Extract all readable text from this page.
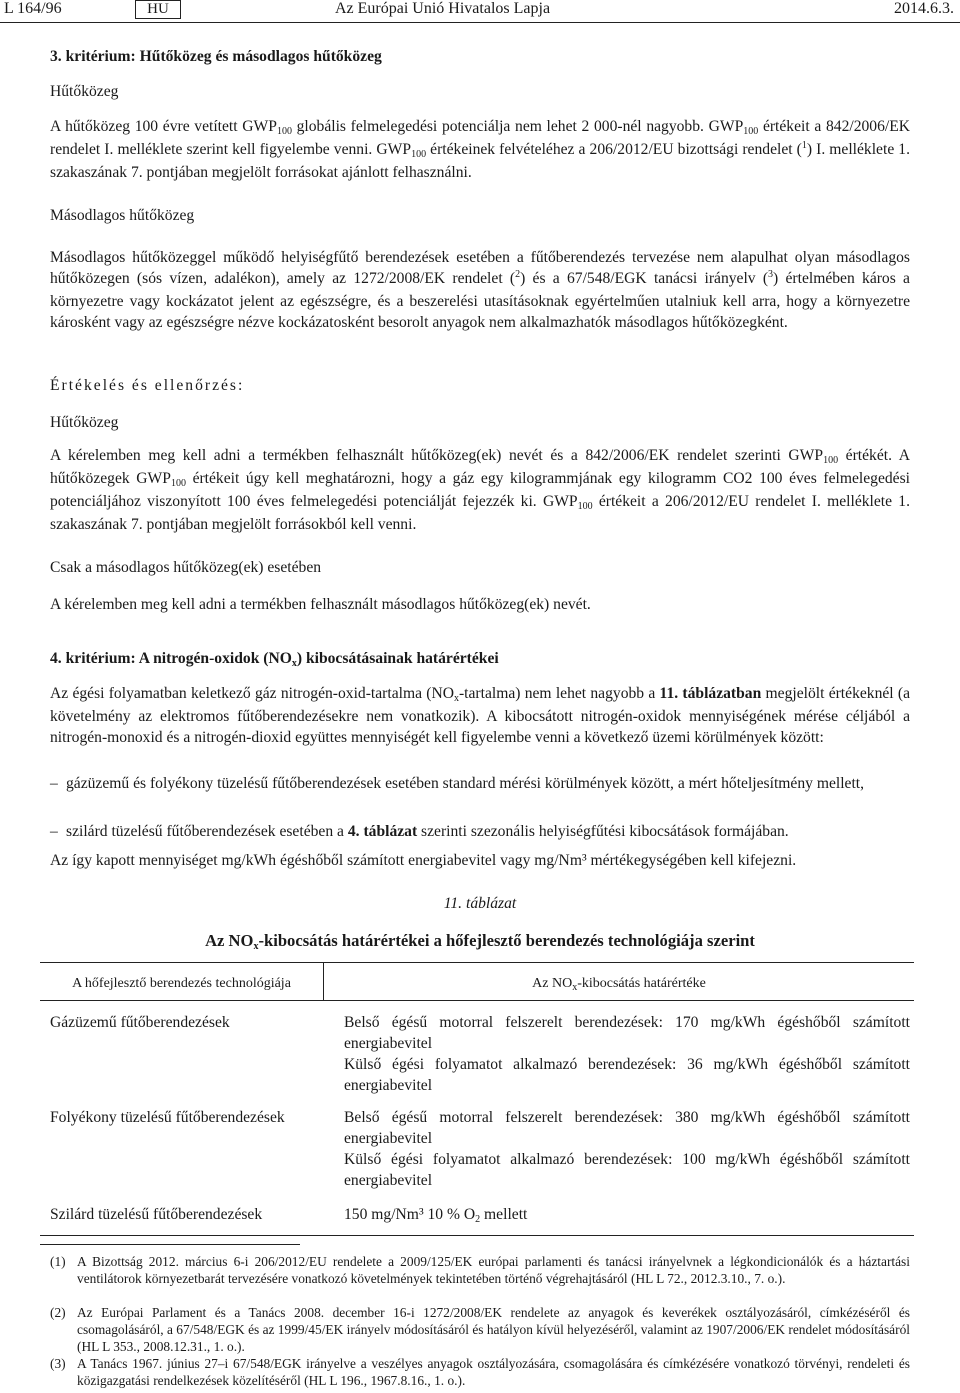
L 164/96	HU	Az Európai Unió Hivatalos Lapja	2014.6.3.

3. kritérium: Hűtőközeg és másodlagos hűtőközeg

Hűtőközeg

A hűtőközeg 100 évre vetített GWP100 globális felmelegedési potenciálja nem lehet 2 000-nél nagyobb. GWP100 értékeit a 842/2006/EK rendelet I. melléklete szerint kell figyelembe venni. GWP100 értékeinek felvételéhez a 206/2012/EU bizottsági rendelet ($^1$) I. melléklete 1. szakaszának 7. pontjában megjelölt forrásokat ajánlott felhasználni.

Másodlagos hűtőközeg

Másodlagos hűtőközeggel működő helyiségfűtő berendezések esetében a fűtőberendezés tervezése nem alapulhat olyan másodlagos hűtőközegen (sós vízen, adalékon), amely az 1272/2008/EK rendelet ($^2$) és a 67/548/EGK tanácsi irányelv ($^3$) értelmében káros a környezetre vagy kockázatot jelent az egészségre, és a beszerelési utasításoknak egyértelműen utalniuk kell arra, hogy a környezetre károsként vagy az egészségre nézve kockázatosként besorolt anyagok nem alkalmazhatók másodlagos hűtőközegként.

Értékelés és ellenőrzés:

Hűtőközeg

A kérelemben meg kell adni a termékben felhasznált hűtőközeg(ek) nevét és a 842/2006/EK rendelet szerinti GWP100 értékét. A hűtőközegek GWP100 értékeit úgy kell meghatározni, hogy a gáz egy kilogrammjának egy kilogramm CO2 100 éves felmelegedési potenciáljához viszonyított 100 éves felmelegedési potenciálját fejezzék ki. GWP100 értékeit a 206/2012/EU rendelet I. melléklete 1. szakaszának 7. pontjában megjelölt forrásokból kell venni.

Csak a másodlagos hűtőközeg(ek) esetében

A kérelemben meg kell adni a termékben felhasznált másodlagos hűtőközeg(ek) nevét.

4. kritérium: A nitrogén-oxidok (NOx) kibocsátásainak határértékei

Az égési folyamatban keletkező gáz nitrogén-oxid-tartalma (NOx-tartalma) nem lehet nagyobb a 11. táblázatban megjelölt értékeknél (a követelmény az elektromos fűtőberendezésekre nem vonatkozik). A kibocsátott nitrogén-oxidok mennyiségének mérése céljából a nitrogén-monoxid és a nitrogén-dioxid együttes mennyiségét kell figyelembe venni a következő üzemi körülmények között:

– gázüzemű és folyékony tüzelésű fűtőberendezések esetében standard mérési körülmények között, a mért hőteljesítmény mellett,

– szilárd tüzelésű fűtőberendezések esetében a 4. táblázat szerinti szezonális helyiségfűtési kibocsátások formájában.

Az így kapott mennyiséget mg/kWh égéshőből számított energiabevitel vagy mg/Nm³ mértékegységében kell kifejezni.

11. táblázat

Az NOx-kibocsátás határértékei a hőfejlesztő berendezés technológiája szerint

A hőfejlesztő berendezés technológiája	Az $NO_x$-kibocsátás határértéke
Gázüzemű fűtőberendezések	Belső égésű motorral felszerelt berendezések: 170 mg/kWh égéshőből számított energiabevitel
Külső égési folyamatot alkalmazó berendezések: 36 mg/kWh égéshőből számított energiabevitel
Folyékony tüzelésű fűtőberendezések	Belső égésű motorral felszerelt berendezések: 380 mg/kWh égéshőből számított energiabevitel
Külső égési folyamatot alkalmazó berendezések: 100 mg/kWh égéshőből számított energiabevitel
Szilárd tüzelésű fűtőberendezések	150 mg/Nm³ 10 % O2 mellett
(1) A Bizottság 2012. március 6-i 206/2012/EU rendelete a 2009/125/EK európai parlamenti és tanácsi irányelvnek a légkondicionálók és a háztartási ventilátorok környezetbarát tervezésére vonatkozó követelmények tekintetében történő végrehajtásáról (HL L 72., 2012.3.10., 7. o.).
(2) Az Európai Parlament és a Tanács 2008. december 16-i 1272/2008/EK rendelete az anyagok és keverékek osztályozásáról, címkézéséről és csomagolásáról, a 67/548/EGK és az 1999/45/EK irányelv módosításáról és hatályon kívül helyezéséről, valamint az 1907/2006/EK rendelet módosításáról (HL L 353., 2008.12.31., 1. o.).
(3) A Tanács 1967. június 27–i 67/548/EGK irányelve a veszélyes anyagok osztályozására, csomagolására és címkézésére vonatkozó törvényi, rendeleti és közigazgatási rendelkezések közelítéséről (HL L 196., 1967.8.16., 1. o.).
